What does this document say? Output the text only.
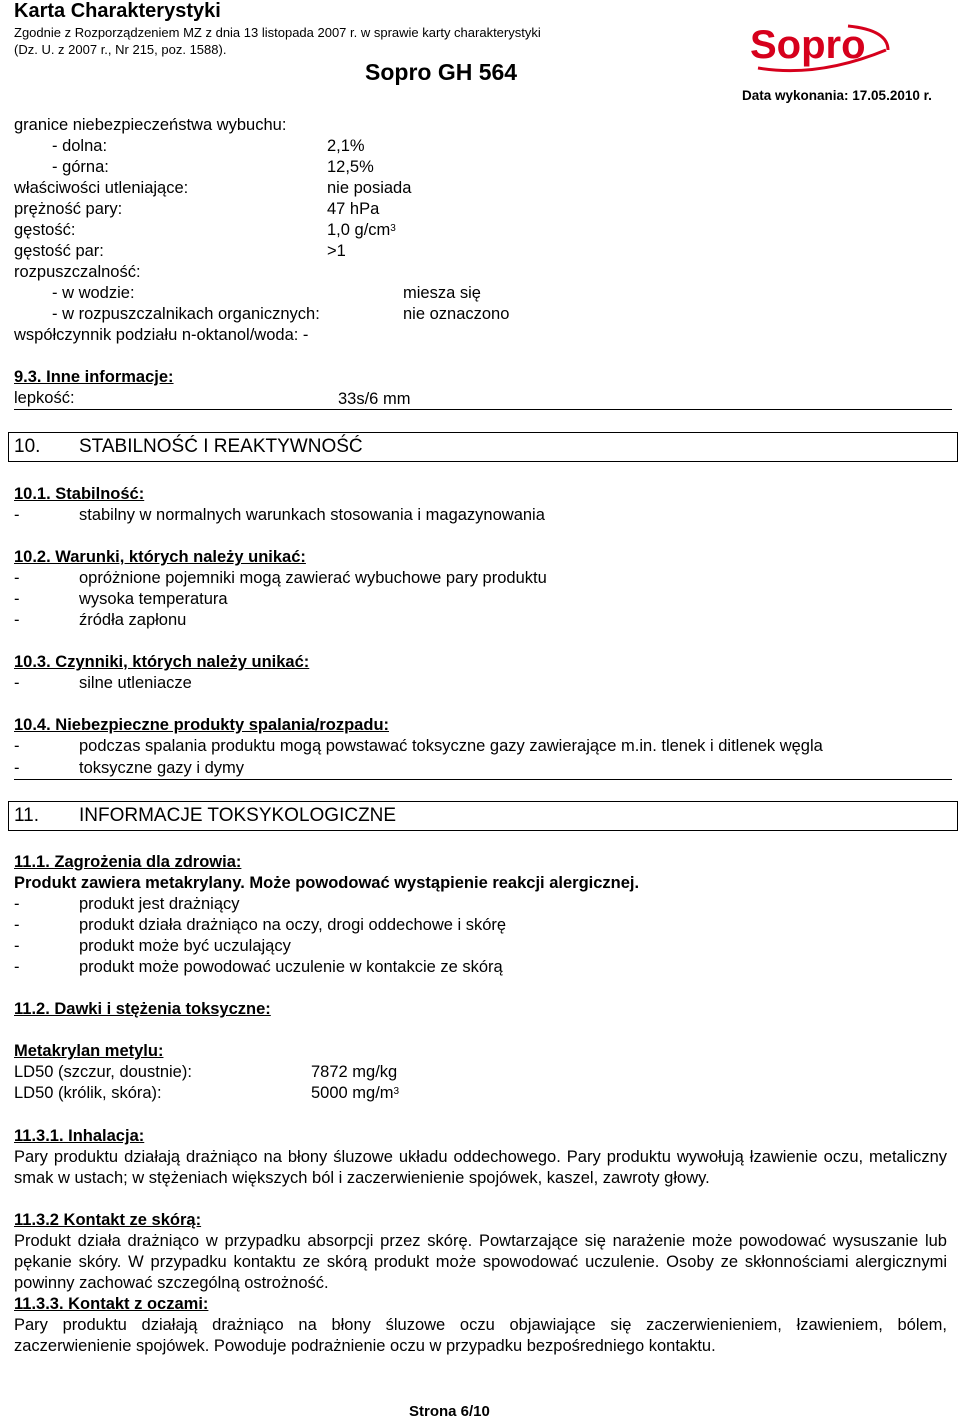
Karta Charakterystyki
Zgodnie z Rozporządzeniem MZ z dnia 13 listopada 2007 r. w sprawie karty charakterystyki
(Dz. U. z 2007 r., Nr 215, poz. 1588).
Sopro GH 564
Data wykonania: 17.05.2010 r.
Sopro
granice niebezpieczeństwa wybuchu:
- dolna:	2,1%
- górna:	12,5%
właściwości utleniające:	nie posiada
prężność pary:	47 hPa
gęstość:	1,0 $g/cm^3$
gęstość par:	>1
rozpuszczalność:
- w wodzie:	miesza się
- w rozpuszczalnikach organicznych:	nie oznaczono
współczynnik podziału n-oktanol/woda: -
9.3. Inne informacje:
lepkość:	33s/6 mm
10. STABILNOŚĆ I REAKTYWNOŚĆ
10.1. Stabilność:
-	stabilny w normalnych warunkach stosowania i magazynowania
10.2. Warunki, których należy unikać:
-	opróżnione pojemniki mogą zawierać wybuchowe pary produktu
-	wysoka temperatura
-	źródła zapłonu
10.3. Czynniki, których należy unikać:
-	silne utleniacze
10.4. Niebezpieczne produkty spalania/rozpadu:
-	podczas spalania produktu mogą powstawać toksyczne gazy zawierające m.in. tlenek i ditlenek węgla
-	toksyczne gazy i dymy
11. INFORMACJE TOKSYKOLOGICZNE
11.1. Zagrożenia dla zdrowia:
Produkt zawiera metakrylany. Może powodować wystąpienie reakcji alergicznej.
-	produkt jest drażniący
-	produkt działa drażniąco na oczy, drogi oddechowe i skórę
-	produkt może być uczulający
-	produkt może powodować uczulenie w kontakcie ze skórą
11.2. Dawki i stężenia toksyczne:
Metakrylan metylu:
LD50 (szczur, doustnie):	7872 mg/kg
LD50 (królik, skóra):	5000 $mg/m^3$
11.3.1. Inhalacja:
Pary produktu działają drażniąco na błony śluzowe układu oddechowego. Pary produktu wywołują łzawienie oczu, metaliczny smak w ustach; w stężeniach większych ból i zaczerwienienie spojówek, kaszel, zawroty głowy.
11.3.2 Kontakt ze skórą:
Produkt działa drażniąco w przypadku absorpcji przez skórę. Powtarzające się narażenie może powodować wysuszanie lub pękanie skóry. W przypadku kontaktu ze skórą produkt może spowodować uczulenie. Osoby ze skłonnościami alergicznymi powinny zachować szczególną ostrożność.
11.3.3. Kontakt z oczami:
Pary produktu działają drażniąco na błony śluzowe oczu objawiające się zaczerwienieniem, łzawieniem, bólem, zaczerwienienie spojówek. Powoduje podrażnienie oczu w przypadku bezpośredniego kontaktu.
Strona 6/10
